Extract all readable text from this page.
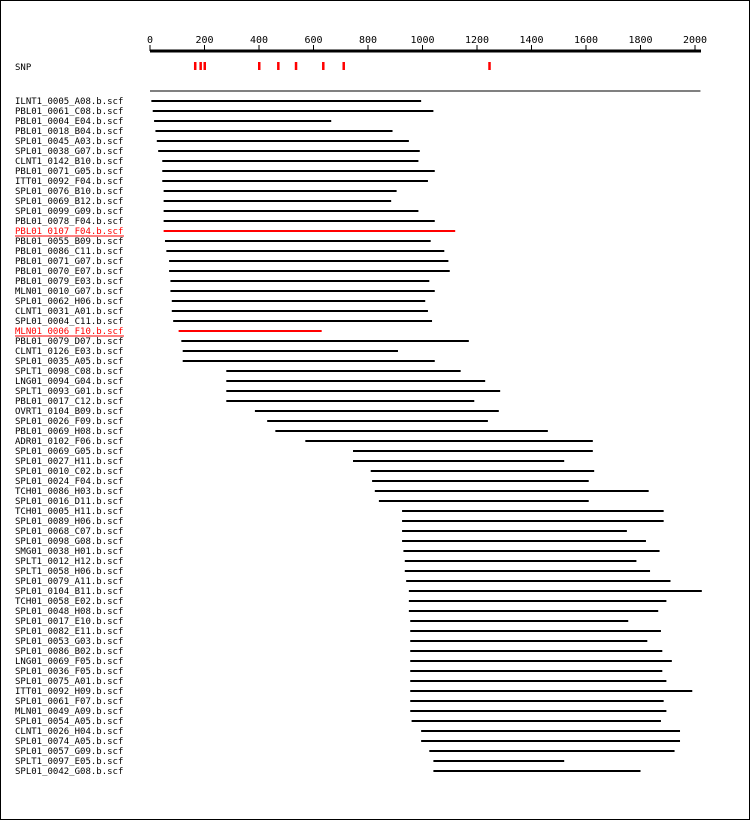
0	200	400	600	800	1000	1200	1400	1600	1800	2000
SNP
ILNT1_0005_A08.b.scf
PBL01_0061_C08.b.scf
PBL01_0004_E04.b.scf
PBL01_0018_B04.b.scf
SPL01_0045_A03.b.scf
SPL01_0038_G07.b.scf
CLNT1_0142_B10.b.scf
PBL01_0071_G05.b.scf
ITT01_0092_F04.b.scf
SPL01_0076_B10.b.scf
SPL01_0069_B12.b.scf
SPL01_0099_G09.b.scf
PBL01_0078_F04.b.scf
PBL01_0107_F04.b.scf
PBL01_0055_B09.b.scf
PBL01_0086_C11.b.scf
PBL01_0071_G07.b.scf
PBL01_0070_E07.b.scf
PBL01_0079_E03.b.scf
MLN01_0010_G07.b.scf
SPL01_0062_H06.b.scf
CLNT1_0031_A01.b.scf
SPL01_0004_C11.b.scf
MLN01_0006_F10.b.scf
PBL01_0079_D07.b.scf
CLNT1_0126_E03.b.scf
SPL01_0035_A05.b.scf
SPLT1_0098_C08.b.scf
LNG01_0094_G04.b.scf
SPLT1_0093_G01.b.scf
PBL01_0017_C12.b.scf
OVRT1_0104_B09.b.scf
SPL01_0026_F09.b.scf
PBL01_0069_H08.b.scf
ADR01_0102_F06.b.scf
SPL01_0069_G05.b.scf
SPL01_0027_H11.b.scf
SPL01_0010_C02.b.scf
SPL01_0024_F04.b.scf
TCH01_0086_H03.b.scf
SPL01_0016_D11.b.scf
TCH01_0005_H11.b.scf
SPL01_0089_H06.b.scf
SPL01_0068_C07.b.scf
SPL01_0098_G08.b.scf
SMG01_0038_H01.b.scf
SPLT1_0012_H12.b.scf
SPLT1_0058_H06.b.scf
SPL01_0079_A11.b.scf
SPL01_0104_B11.b.scf
TCH01_0058_E02.b.scf
SPL01_0048_H08.b.scf
SPL01_0017_E10.b.scf
SPL01_0082_E11.b.scf
SPL01_0053_G03.b.scf
SPL01_0086_B02.b.scf
LNG01_0069_F05.b.scf
SPL01_0036_F05.b.scf
SPL01_0075_A01.b.scf
ITT01_0092_H09.b.scf
SPL01_0061_F07.b.scf
MLN01_0049_A09.b.scf
SPL01_0054_A05.b.scf
CLNT1_0026_H04.b.scf
SPL01_0074_A05.b.scf
SPL01_0057_G09.b.scf
SPLT1_0097_E05.b.scf
SPL01_0042_G08.b.scf
